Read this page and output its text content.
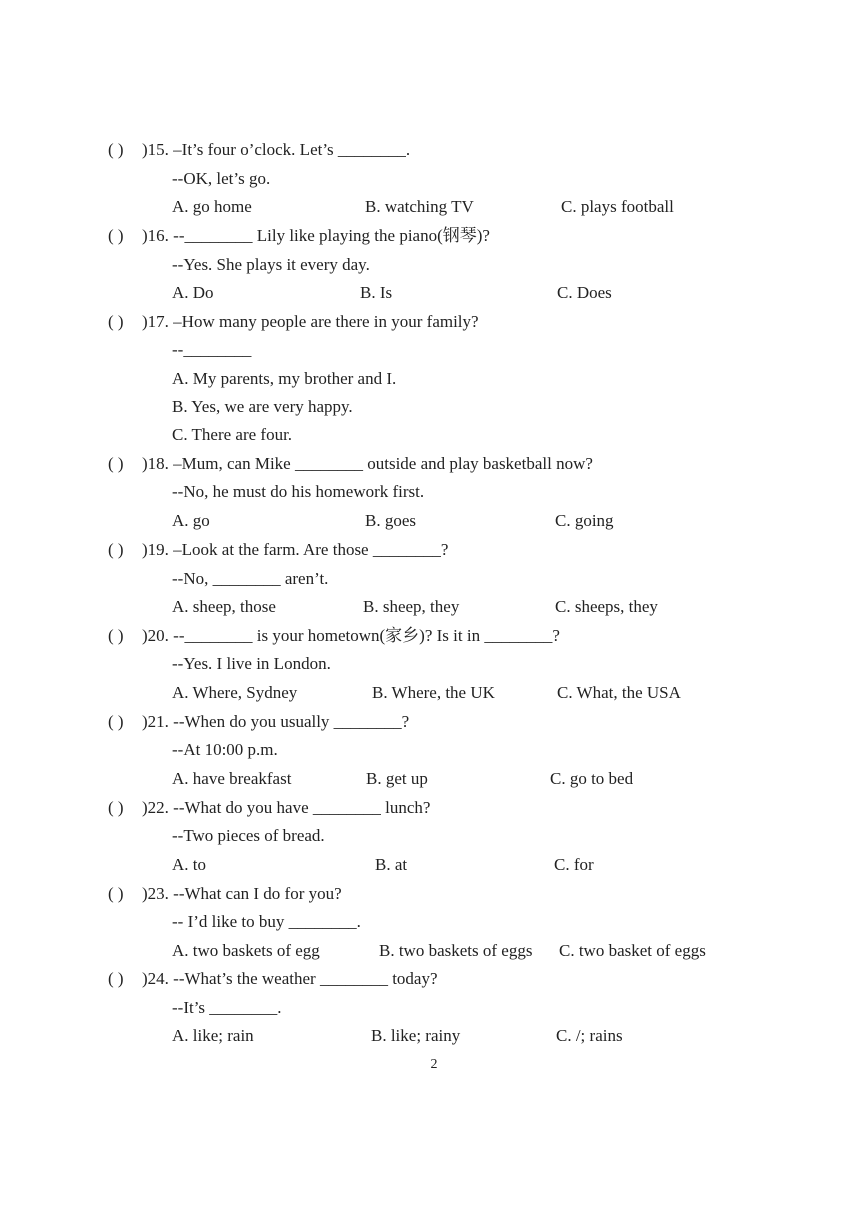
( ) )15. –It’s four o’clock. Let’s ________.
--OK, let’s go.
A. go home	B. watching TV	C. plays football
( ) )16. --________ Lily like playing the piano(钢琴)?
--Yes. She plays it every day.
A. Do	B. Is	C. Does
( ) )17. –How many people are there in your family?
--________
A. My parents, my brother and I.
B. Yes, we are very happy.
C. There are four.
( ) )18. –Mum, can Mike ________ outside and play basketball now?
--No, he must do his homework first.
A. go	B. goes	C. going
( ) )19. –Look at the farm. Are those ________?
--No, ________ aren’t.
A. sheep, those	B. sheep, they	C. sheeps, they
( ) )20. --________ is your hometown(家乡)? Is it in ________?
--Yes. I live in London.
A. Where, Sydney	B. Where, the UK	C. What, the USA
( ) )21. --When do you usually ________?
--At 10:00 p.m.
A. have breakfast	B. get up	C. go to bed
( ) )22. --What do you have ________ lunch?
--Two pieces of bread.
A. to	B. at	C. for
( ) )23. --What can I do for you?
-- I’d like to buy ________.
A. two baskets of egg	B. two baskets of eggs C. two basket of eggs
( ) )24. --What’s the weather ________ today?
--It’s ________.
A. like; rain	B. like; rainy	C. /; rains
2
